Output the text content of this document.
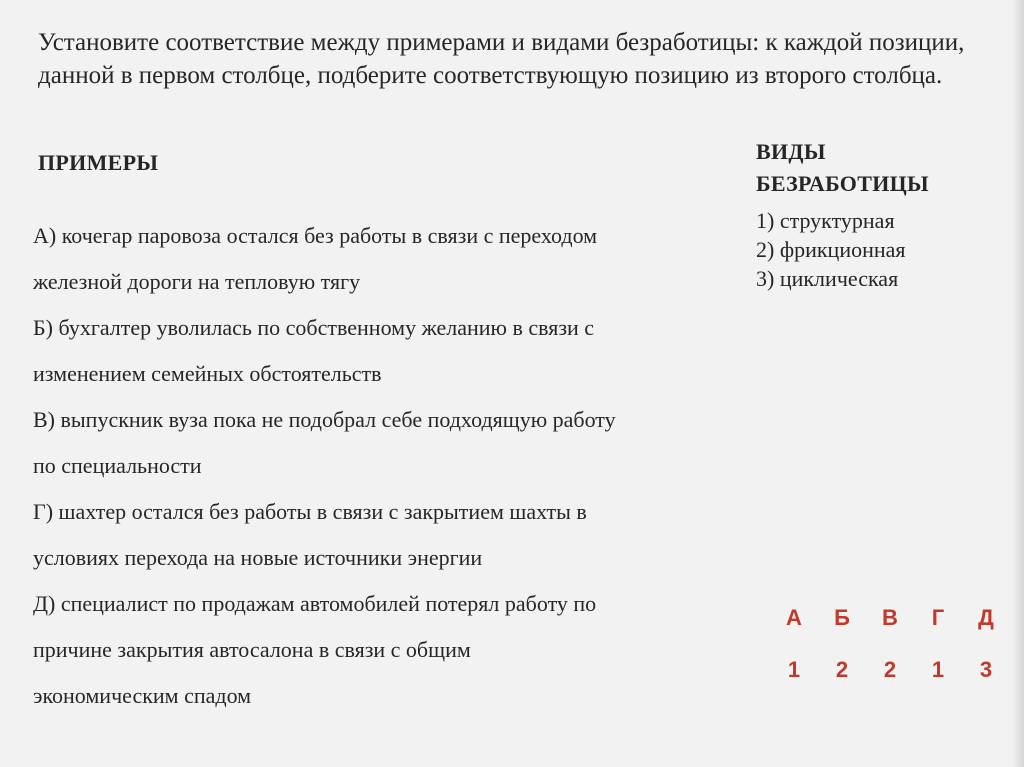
Установите соответствие между примерами и видами безработицы: к каждой позиции, данной в первом столбце, подберите соответствующую позицию из второго столбца.

ПРИМЕРЫ
А) кочегар паровоза остался без работы в связи с переходом
железной дороги на тепловую тягу
Б) бухгалтер уволилась по собственному желанию в связи с
изменением семейных обстоятельств
В) выпускник вуза пока не подобрал себе подходящую работу
по специальности
Г) шахтер остался без работы в связи с закрытием шахты в
условиях перехода на новые источники энергии
Д) специалист по продажам автомобилей потерял работу по
причине закрытия автосалона в связи с общим
экономическим спадом
ВИДЫ
БЕЗРАБОТИЦЫ
1) структурная
2) фрикционная
3) циклическая
А	Б	В	Г	Д
1	2	2	1	3
